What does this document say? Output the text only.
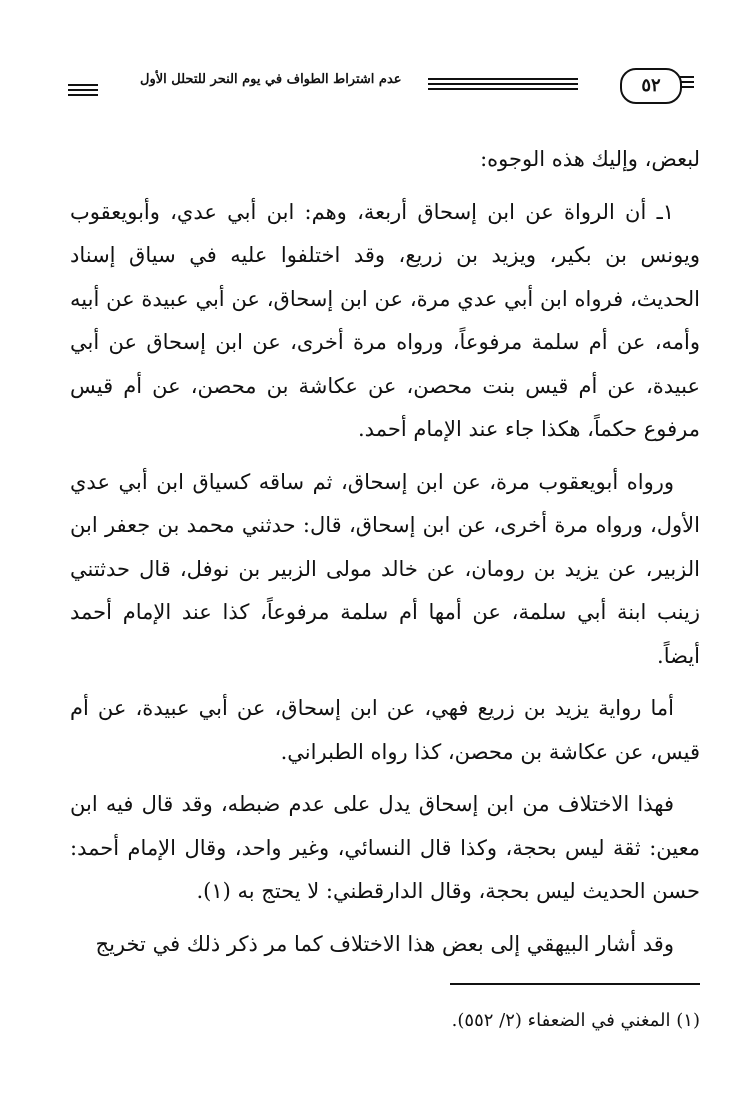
عدم اشتراط الطواف في يوم النحر للتحلل الأول	٥٢

لبعض، وإليك هذه الوجوه:

١ـ أن الرواة عن ابن إسحاق أربعة، وهم: ابن أبي عدي، وأبويعقوب ويونس بن بكير، ويزيد بن زريع، وقد اختلفوا عليه في سياق إسناد الحديث، فرواه ابن أبي عدي مرة، عن ابن إسحاق، عن أبي عبيدة عن أبيه وأمه، عن أم سلمة مرفوعاً، ورواه مرة أخرى، عن ابن إسحاق عن أبي عبيدة، عن أم قيس بنت محصن، عن عكاشة بن محصن، عن أم قيس مرفوع حكماً، هكذا جاء عند الإمام أحمد.

ورواه أبويعقوب مرة، عن ابن إسحاق، ثم ساقه كسياق ابن أبي عدي الأول، ورواه مرة أخرى، عن ابن إسحاق، قال: حدثني محمد بن جعفر ابن الزبير، عن يزيد بن رومان، عن خالد مولى الزبير بن نوفل، قال حدثتني زينب ابنة أبي سلمة، عن أمها أم سلمة مرفوعاً، كذا عند الإمام أحمد أيضاً.

أما رواية يزيد بن زريع فهي، عن ابن إسحاق، عن أبي عبيدة، عن أم قيس، عن عكاشة بن محصن، كذا رواه الطبراني.

فهذا الاختلاف من ابن إسحاق يدل على عدم ضبطه، وقد قال فيه ابن معين: ثقة ليس بحجة، وكذا قال النسائي، وغير واحد، وقال الإمام أحمد: حسن الحديث ليس بحجة، وقال الدارقطني: لا يحتج به (١).

وقد أشار البيهقي إلى بعض هذا الاختلاف كما مر ذكر ذلك في تخريج

(١) المغني في الضعفاء (٢/ ٥٥٢).
